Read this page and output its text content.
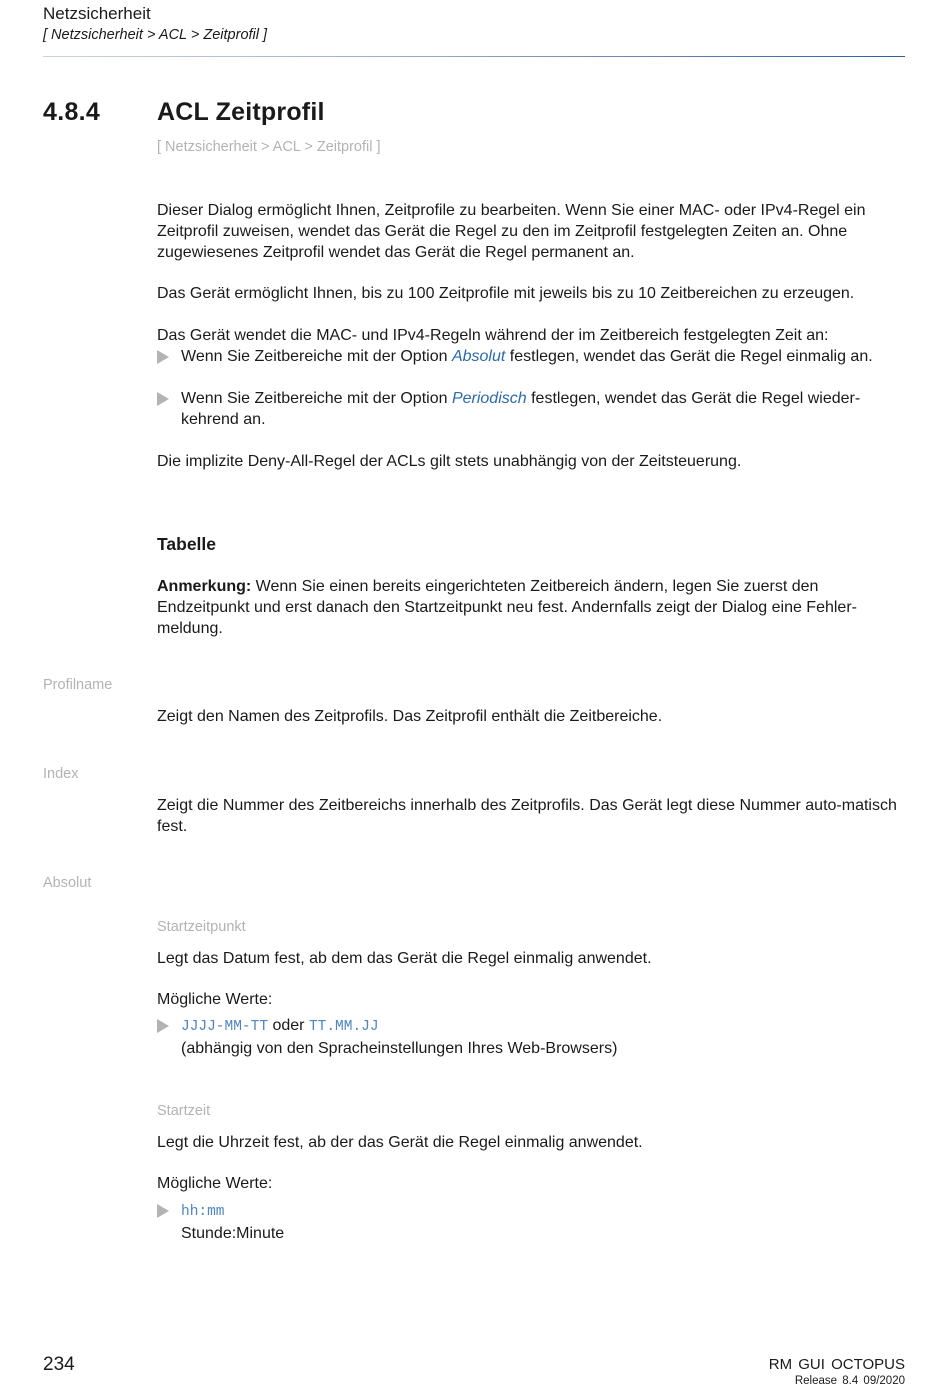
Netzsicherheit
[ Netzsicherheit > ACL > Zeitprofil ]
4.8.4 ACL Zeitprofil
[ Netzsicherheit > ACL > Zeitprofil ]
Dieser Dialog ermöglicht Ihnen, Zeitprofile zu bearbeiten. Wenn Sie einer MAC- oder IPv4-Regel ein Zeitprofil zuweisen, wendet das Gerät die Regel zu den im Zeitprofil festgelegten Zeiten an. Ohne zugewiesenes Zeitprofil wendet das Gerät die Regel permanent an.
Das Gerät ermöglicht Ihnen, bis zu 100 Zeitprofile mit jeweils bis zu 10 Zeitbereichen zu erzeugen.
Das Gerät wendet die MAC- und IPv4-Regeln während der im Zeitbereich festgelegten Zeit an:
Wenn Sie Zeitbereiche mit der Option Absolut festlegen, wendet das Gerät die Regel einmalig an.
Wenn Sie Zeitbereiche mit der Option Periodisch festlegen, wendet das Gerät die Regel wieder-kehrend an.
Die implizite Deny-All-Regel der ACLs gilt stets unabhängig von der Zeitsteuerung.
Tabelle
Anmerkung: Wenn Sie einen bereits eingerichteten Zeitbereich ändern, legen Sie zuerst den Endzeitpunkt und erst danach den Startzeitpunkt neu fest. Andernfalls zeigt der Dialog eine Fehler-meldung.
Profilname
Zeigt den Namen des Zeitprofils. Das Zeitprofil enthält die Zeitbereiche.
Index
Zeigt die Nummer des Zeitbereichs innerhalb des Zeitprofils. Das Gerät legt diese Nummer auto-matisch fest.
Absolut
Startzeitpunkt
Legt das Datum fest, ab dem das Gerät die Regel einmalig anwendet.
Mögliche Werte:
JJJJ-MM-TT oder TT.MM.JJ
(abhängig von den Spracheinstellungen Ihres Web-Browsers)
Startzeit
Legt die Uhrzeit fest, ab der das Gerät die Regel einmalig anwendet.
Mögliche Werte:
hh:mm
Stunde:Minute
234	RM GUI OCTOPUS
Release 8.4 09/2020
